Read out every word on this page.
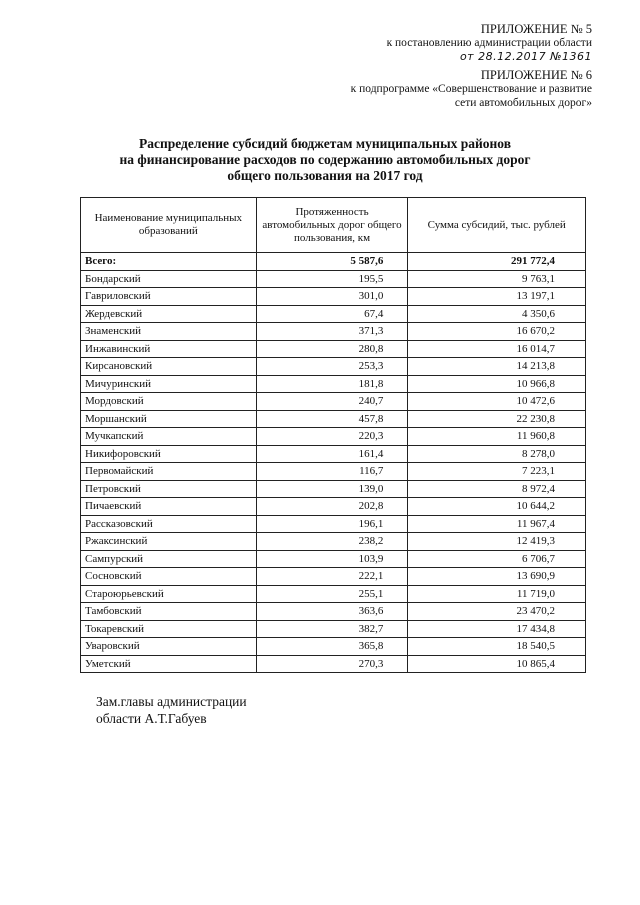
ПРИЛОЖЕНИЕ № 5
к постановлению администрации области
от 28.12.2017 №1361
ПРИЛОЖЕНИЕ № 6
к подпрограмме «Совершенствование и развитие
сети автомобильных дорог»
Распределение субсидий бюджетам муниципальных районов
на финансирование расходов по содержанию автомобильных дорог
общего пользования на 2017 год
Наименование муниципальных образований	Протяженность автомобильных дорог общего пользования, км	Сумма субсидий, тыс. рублей
Всего:	5 587,6	291 772,4
Бондарский	195,5	9 763,1
Гавриловский	301,0	13 197,1
Жердевский	67,4	4 350,6
Знаменский	371,3	16 670,2
Инжавинский	280,8	16 014,7
Кирсановский	253,3	14 213,8
Мичуринский	181,8	10 966,8
Мордовский	240,7	10 472,6
Моршанский	457,8	22 230,8
Мучкапский	220,3	11 960,8
Никифоровский	161,4	8 278,0
Первомайский	116,7	7 223,1
Петровский	139,0	8 972,4
Пичаевский	202,8	10 644,2
Рассказовский	196,1	11 967,4
Ржаксинский	238,2	12 419,3
Сампурский	103,9	6 706,7
Сосновский	222,1	13 690,9
Староюрьевский	255,1	11 719,0
Тамбовский	363,6	23 470,2
Токаревский	382,7	17 434,8
Уваровский	365,8	18 540,5
Уметский	270,3	10 865,4
Зам.главы администрации
области А.Т.Габуев
